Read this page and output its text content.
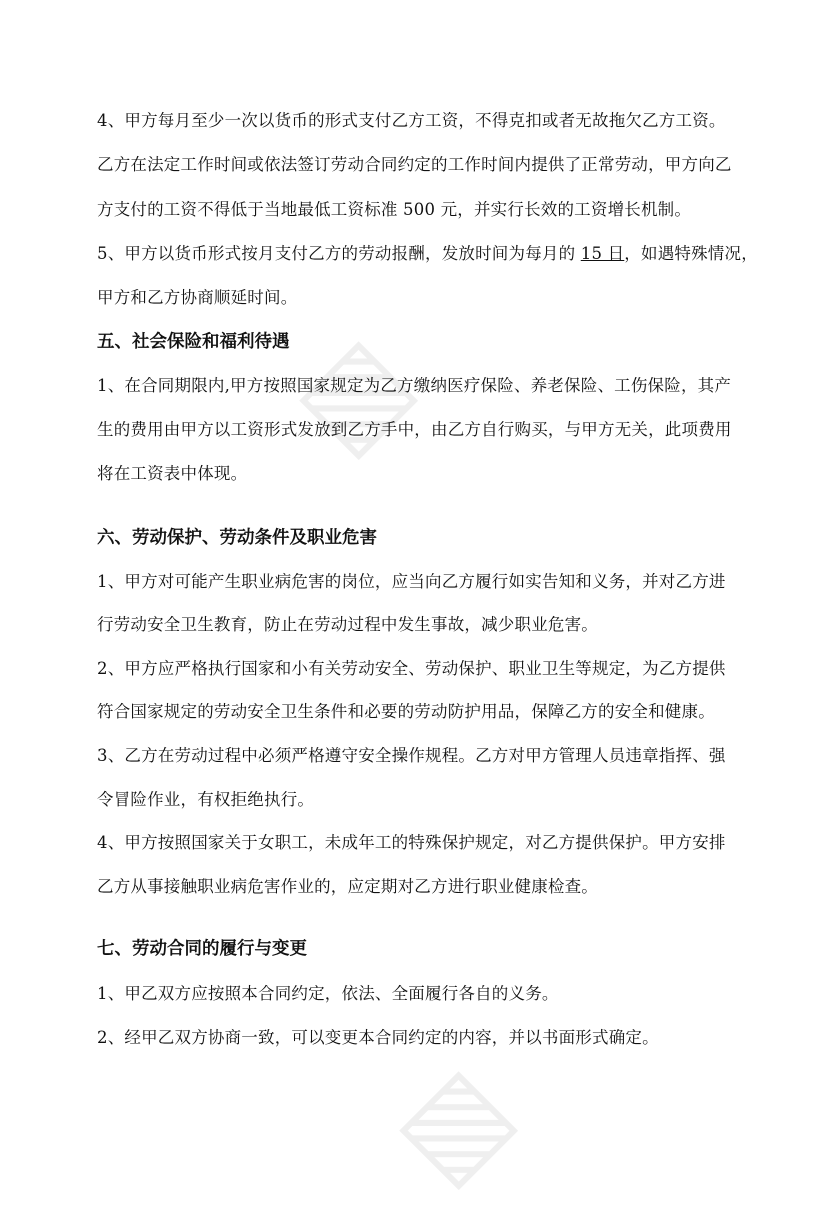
▧
▧
4、甲方每月至少一次以货币的形式支付乙方工资，不得克扣或者无故拖欠乙方工资。
乙方在法定工作时间或依法签订劳动合同约定的工作时间内提供了正常劳动，甲方向乙
方支付的工资不得低于当地最低工资标准 500 元，并实行长效的工资增长机制。
5、甲方以货币形式按月支付乙方的劳动报酬，发放时间为每月的 15 日，如遇特殊情况，
甲方和乙方协商顺延时间。
五、社会保险和福利待遇
1、在合同期限内,甲方按照国家规定为乙方缴纳医疗保险、养老保险、工伤保险，其产
生的费用由甲方以工资形式发放到乙方手中，由乙方自行购买，与甲方无关，此项费用
将在工资表中体现。
六、劳动保护、劳动条件及职业危害
1、甲方对可能产生职业病危害的岗位，应当向乙方履行如实告知和义务，并对乙方进
行劳动安全卫生教育，防止在劳动过程中发生事故，减少职业危害。
2、甲方应严格执行国家和小有关劳动安全、劳动保护、职业卫生等规定，为乙方提供
符合国家规定的劳动安全卫生条件和必要的劳动防护用品，保障乙方的安全和健康。
3、乙方在劳动过程中必须严格遵守安全操作规程。乙方对甲方管理人员违章指挥、强
令冒险作业，有权拒绝执行。
4、甲方按照国家关于女职工，未成年工的特殊保护规定，对乙方提供保护。甲方安排
乙方从事接触职业病危害作业的，应定期对乙方进行职业健康检查。
七、劳动合同的履行与变更
1、甲乙双方应按照本合同约定，依法、全面履行各自的义务。
2、经甲乙双方协商一致，可以变更本合同约定的内容，并以书面形式确定。
